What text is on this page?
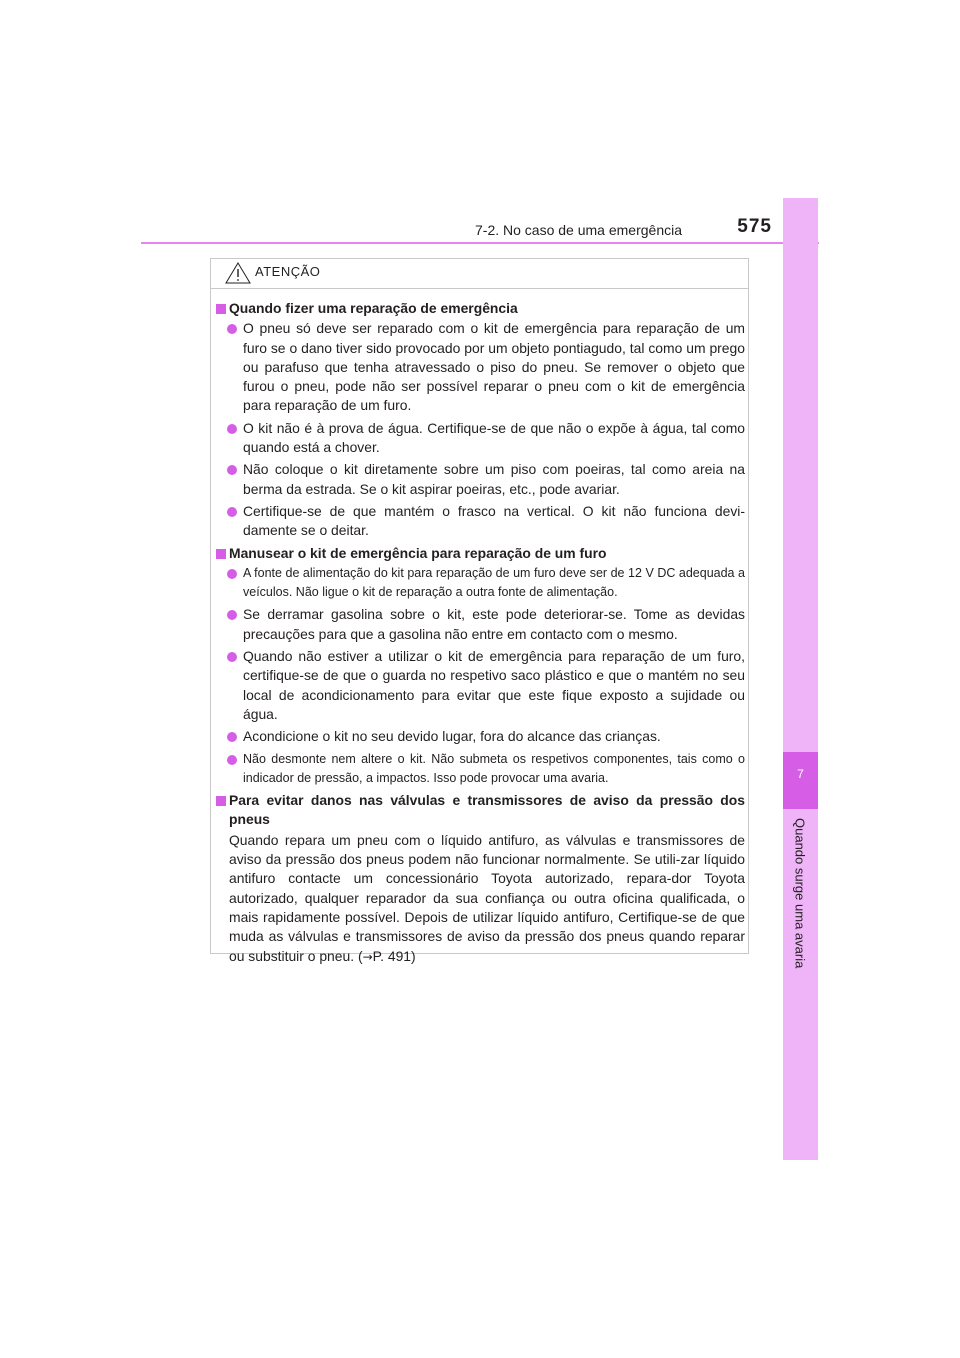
7-2. No caso de uma emergência	575
7
Quando surge uma avaria
ATENÇÃO
Quando fizer uma reparação de emergência
O pneu só deve ser reparado com o kit de emergência para reparação de um furo se o dano tiver sido provocado por um objeto pontiagudo, tal como um prego ou parafuso que tenha atravessado o piso do pneu. Se remover o objeto que furou o pneu, pode não ser possível reparar o pneu com o kit de emergência para reparação de um furo.
O kit não é à prova de água. Certifique-se de que não o expõe à água, tal como quando está a chover.
Não coloque o kit diretamente sobre um piso com poeiras, tal como areia na berma da estrada. Se o kit aspirar poeiras, etc., pode avariar.
Certifique-se de que mantém o frasco na vertical. O kit não funciona devi-damente se o deitar.
Manusear o kit de emergência para reparação de um furo
A fonte de alimentação do kit para reparação de um furo deve ser de 12 V DC adequada a veículos. Não ligue o kit de reparação a outra fonte de alimentação.
Se derramar gasolina sobre o kit, este pode deteriorar-se. Tome as devidas precauções para que a gasolina não entre em contacto com o mesmo.
Quando não estiver a utilizar o kit de emergência para reparação de um furo, certifique-se de que o guarda no respetivo saco plástico e que o mantém no seu local de acondicionamento para evitar que este fique exposto a sujidade ou água.
Acondicione o kit no seu devido lugar, fora do alcance das crianças.
Não desmonte nem altere o kit. Não submeta os respetivos componentes, tais como o indicador de pressão, a impactos. Isso pode provocar uma avaria.
Para evitar danos nas válvulas e transmissores de aviso da pressão dos pneus
Quando repara um pneu com o líquido antifuro, as válvulas e transmissores de aviso da pressão dos pneus podem não funcionar normalmente. Se utili-zar líquido antifuro contacte um concessionário Toyota autorizado, repara-dor Toyota autorizado, qualquer reparador da sua confiança ou outra oficina qualificada, o mais rapidamente possível. Depois de utilizar líquido antifuro, Certifique-se de que muda as válvulas e transmissores de aviso da pressão dos pneus quando reparar ou substituir o pneu. (→P. 491)
